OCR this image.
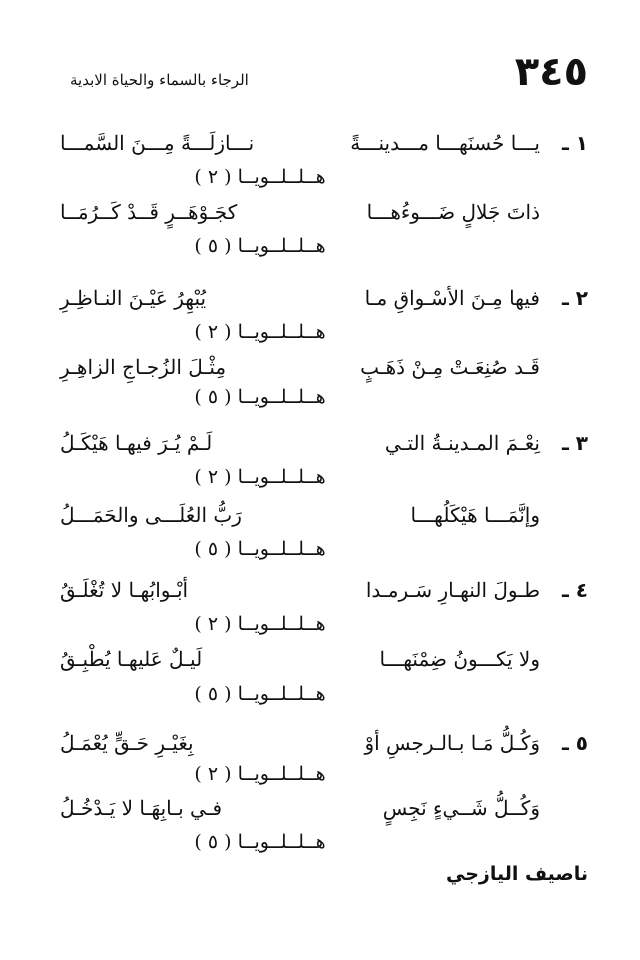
٣٤٥
الرجاء بالسماء والحياة الابدية
١ ـ
يـــا حُسنَهـــا مـــدينـــةً
نـــازلَـــةً مِـــنَ السَّمـــا
هــلــلــويــا ( ٢ )
ذاتَ جَلالٍ ضَـــوءُهـــا
كجَـوْهَــرٍ قَــدْ كَــرُمَــا
هــلــلــويــا ( ٥ )
٢ ـ
فيها مِـنَ الأسْـواقِ مـا
يُبْهِرُ عَيْـنَ النـاظِـرِ
هــلــلــويــا ( ٢ )
قَـد صُنِعَـتْ مِـنْ ذَهَـبٍ
مِثْـلَ الزُجـاجِ الزاهِـرِ
هــلــلــويــا ( ٥ )
٣ ـ
نِعْـمَ المـدينـةُ التـي
لَـمْ يُـرَ فيهـا هَيْكَـلُ
هــلــلــويــا ( ٢ )
وإنَّمَـــا هَيْكَلُهـــا
رَبُّ العُلَـــى والحَمَـــلُ
هــلــلــويــا ( ٥ )
٤ ـ
طـولَ النهـارِ سَـرمـدا
أبْـوابُهـا لا تُغْلَـقُ
هــلــلــويــا ( ٢ )
ولا يَكـــونُ ضِمْنَهـــا
لَيـلٌ عَليهـا يُطْبِـقُ
هــلــلــويــا ( ٥ )
٥ ـ
وَكُـلُّ مَـا بـالـرجسِ أوْ
بِغَيْـرِ حَـقٍّ يُعْمَـلُ
هــلــلــويــا ( ٢ )
وَكُــلُّ شَــيءٍ نَجِسٍ
فـي بـابِهَـا لا يَـدْخُـلُ
هــلــلــويــا ( ٥ )
ناصيف اليازجي
